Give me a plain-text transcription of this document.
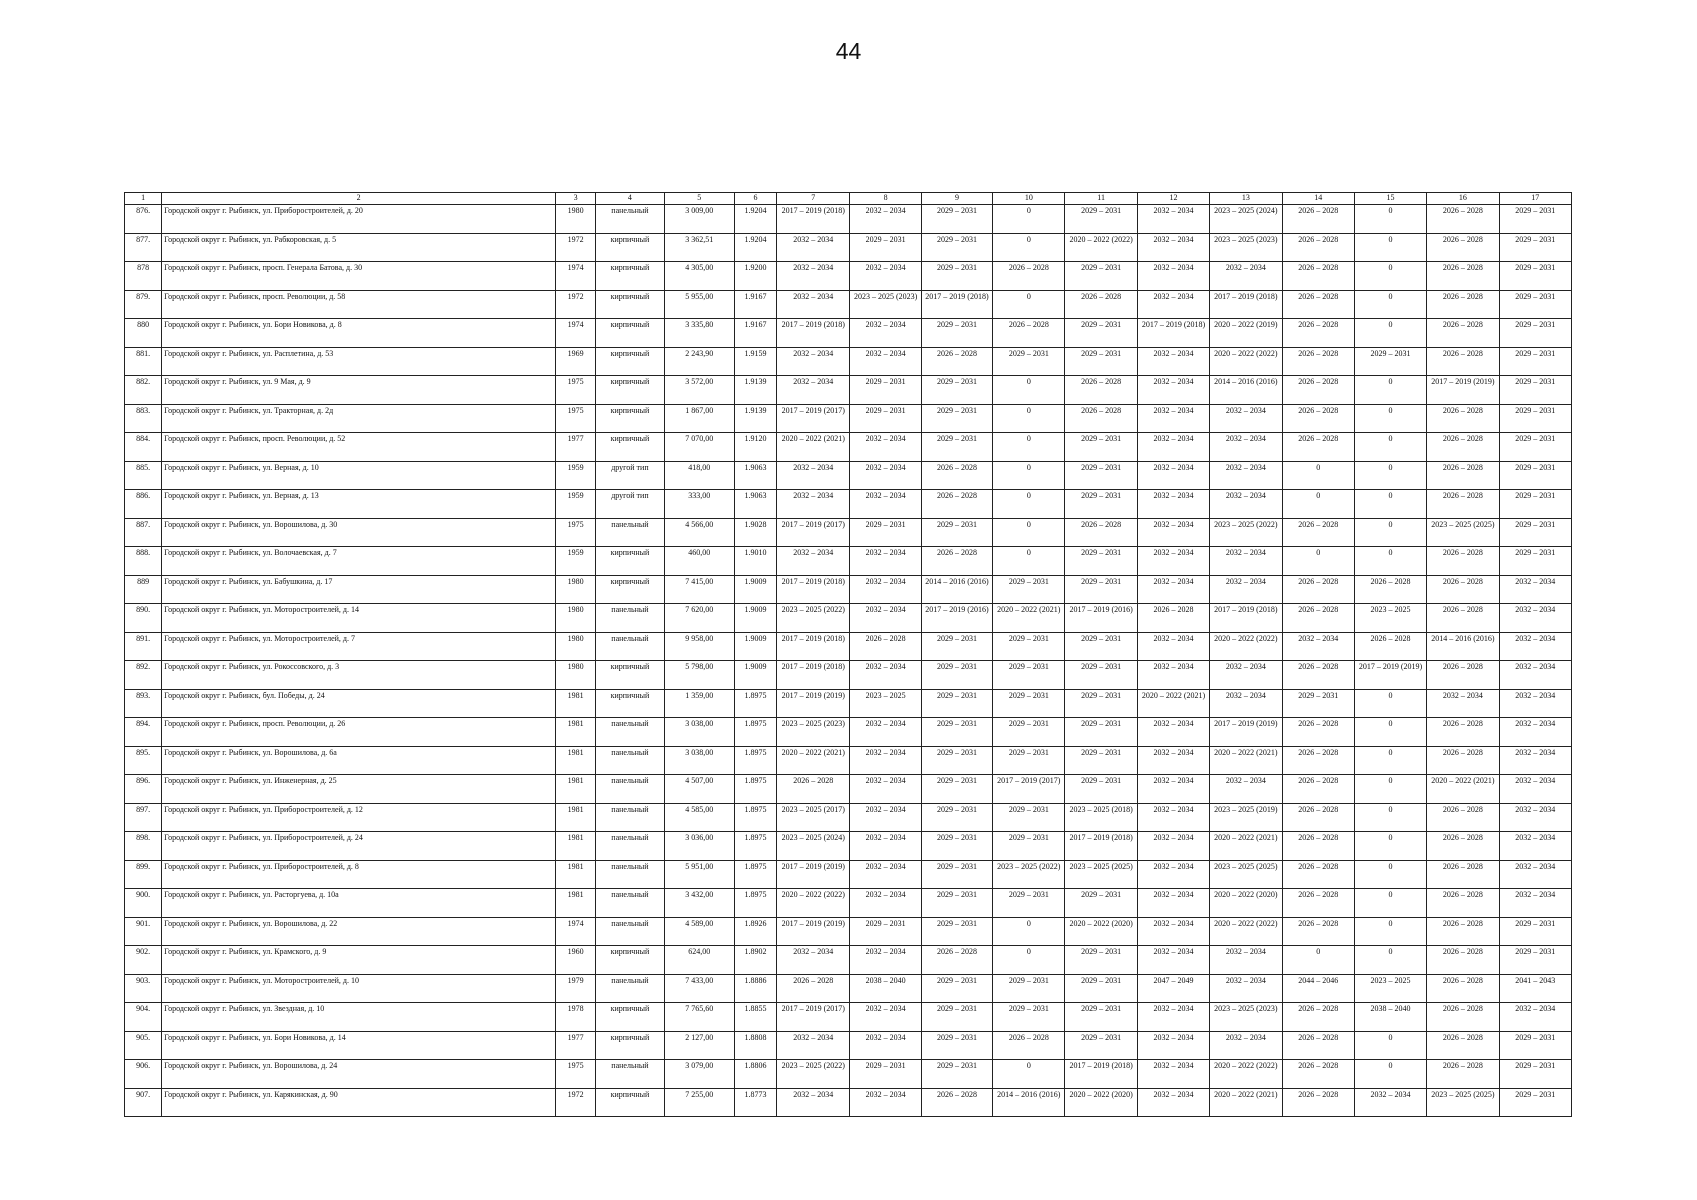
44
1	2	3	4	5	6	7	8	9	10	11	12	13	14	15	16	17
876.	Городской округ г. Рыбинск, ул. Приборостроителей, д. 20	1980	панельный	3 009,00	1.9204	2017 – 2019 (2018)	2032 – 2034	2029 – 2031	0	2029 – 2031	2032 – 2034	2023 – 2025 (2024)	2026 – 2028	0	2026 – 2028	2029 – 2031
877.	Городской округ г. Рыбинск, ул. Рабкоровская, д. 5	1972	кирпичный	3 362,51	1.9204	2032 – 2034	2029 – 2031	2029 – 2031	0	2020 – 2022 (2022)	2032 – 2034	2023 – 2025 (2023)	2026 – 2028	0	2026 – 2028	2029 – 2031
878	Городской округ г. Рыбинск, просп. Генерала Батова, д. 30	1974	кирпичный	4 305,00	1.9200	2032 – 2034	2032 – 2034	2029 – 2031	2026 – 2028	2029 – 2031	2032 – 2034	2032 – 2034	2026 – 2028	0	2026 – 2028	2029 – 2031
879.	Городской округ г. Рыбинск, просп. Революции, д. 58	1972	кирпичный	5 955,00	1.9167	2032 – 2034	2023 – 2025 (2023)	2017 – 2019 (2018)	0	2026 – 2028	2032 – 2034	2017 – 2019 (2018)	2026 – 2028	0	2026 – 2028	2029 – 2031
880	Городской округ г. Рыбинск, ул. Бори Новикова, д. 8	1974	кирпичный	3 335,80	1.9167	2017 – 2019 (2018)	2032 – 2034	2029 – 2031	2026 – 2028	2029 – 2031	2017 – 2019 (2018)	2020 – 2022 (2019)	2026 – 2028	0	2026 – 2028	2029 – 2031
881.	Городской округ г. Рыбинск, ул. Расплетина, д. 53	1969	кирпичный	2 243,90	1.9159	2032 – 2034	2032 – 2034	2026 – 2028	2029 – 2031	2029 – 2031	2032 – 2034	2020 – 2022 (2022)	2026 – 2028	2029 – 2031	2026 – 2028	2029 – 2031
882.	Городской округ г. Рыбинск, ул. 9 Мая, д. 9	1975	кирпичный	3 572,00	1.9139	2032 – 2034	2029 – 2031	2029 – 2031	0	2026 – 2028	2032 – 2034	2014 – 2016 (2016)	2026 – 2028	0	2017 – 2019 (2019)	2029 – 2031
883.	Городской округ г. Рыбинск, ул. Тракторная, д. 2д	1975	кирпичный	1 867,00	1.9139	2017 – 2019 (2017)	2029 – 2031	2029 – 2031	0	2026 – 2028	2032 – 2034	2032 – 2034	2026 – 2028	0	2026 – 2028	2029 – 2031
884.	Городской округ г. Рыбинск, просп. Революции, д. 52	1977	кирпичный	7 070,00	1.9120	2020 – 2022 (2021)	2032 – 2034	2029 – 2031	0	2029 – 2031	2032 – 2034	2032 – 2034	2026 – 2028	0	2026 – 2028	2029 – 2031
885.	Городской округ г. Рыбинск, ул. Верная, д. 10	1959	другой тип	418,00	1.9063	2032 – 2034	2032 – 2034	2026 – 2028	0	2029 – 2031	2032 – 2034	2032 – 2034	0	0	2026 – 2028	2029 – 2031
886.	Городской округ г. Рыбинск, ул. Верная, д. 13	1959	другой тип	333,00	1.9063	2032 – 2034	2032 – 2034	2026 – 2028	0	2029 – 2031	2032 – 2034	2032 – 2034	0	0	2026 – 2028	2029 – 2031
887.	Городской округ г. Рыбинск, ул. Ворошилова, д. 30	1975	панельный	4 566,00	1.9028	2017 – 2019 (2017)	2029 – 2031	2029 – 2031	0	2026 – 2028	2032 – 2034	2023 – 2025 (2022)	2026 – 2028	0	2023 – 2025 (2025)	2029 – 2031
888.	Городской округ г. Рыбинск, ул. Волочаевская, д. 7	1959	кирпичный	460,00	1.9010	2032 – 2034	2032 – 2034	2026 – 2028	0	2029 – 2031	2032 – 2034	2032 – 2034	0	0	2026 – 2028	2029 – 2031
889	Городской округ г. Рыбинск, ул. Бабушкина, д. 17	1980	кирпичный	7 415,00	1.9009	2017 – 2019 (2018)	2032 – 2034	2014 – 2016 (2016)	2029 – 2031	2029 – 2031	2032 – 2034	2032 – 2034	2026 – 2028	2026 – 2028	2026 – 2028	2032 – 2034
890.	Городской округ г. Рыбинск, ул. Моторостроителей, д. 14	1980	панельный	7 620,00	1.9009	2023 – 2025 (2022)	2032 – 2034	2017 – 2019 (2016)	2020 – 2022 (2021)	2017 – 2019 (2016)	2026 – 2028	2017 – 2019 (2018)	2026 – 2028	2023 – 2025	2026 – 2028	2032 – 2034
891.	Городской округ г. Рыбинск, ул. Моторостроителей, д. 7	1980	панельный	9 958,00	1.9009	2017 – 2019 (2018)	2026 – 2028	2029 – 2031	2029 – 2031	2029 – 2031	2032 – 2034	2020 – 2022 (2022)	2032 – 2034	2026 – 2028	2014 – 2016 (2016)	2032 – 2034
892.	Городской округ г. Рыбинск, ул. Рокоссовского, д. 3	1980	кирпичный	5 798,00	1.9009	2017 – 2019 (2018)	2032 – 2034	2029 – 2031	2029 – 2031	2029 – 2031	2032 – 2034	2032 – 2034	2026 – 2028	2017 – 2019 (2019)	2026 – 2028	2032 – 2034
893.	Городской округ г. Рыбинск, бул. Победы, д. 24	1981	кирпичный	1 359,00	1.8975	2017 – 2019 (2019)	2023 – 2025	2029 – 2031	2029 – 2031	2029 – 2031	2020 – 2022 (2021)	2032 – 2034	2029 – 2031	0	2032 – 2034	2032 – 2034
894.	Городской округ г. Рыбинск, просп. Революции, д. 26	1981	панельный	3 038,00	1.8975	2023 – 2025 (2023)	2032 – 2034	2029 – 2031	2029 – 2031	2029 – 2031	2032 – 2034	2017 – 2019 (2019)	2026 – 2028	0	2026 – 2028	2032 – 2034
895.	Городской округ г. Рыбинск, ул. Ворошилова, д. 6а	1981	панельный	3 038,00	1.8975	2020 – 2022 (2021)	2032 – 2034	2029 – 2031	2029 – 2031	2029 – 2031	2032 – 2034	2020 – 2022 (2021)	2026 – 2028	0	2026 – 2028	2032 – 2034
896.	Городской округ г. Рыбинск, ул. Инженерная, д. 25	1981	панельный	4 507,00	1.8975	2026 – 2028	2032 – 2034	2029 – 2031	2017 – 2019 (2017)	2029 – 2031	2032 – 2034	2032 – 2034	2026 – 2028	0	2020 – 2022 (2021)	2032 – 2034
897.	Городской округ г. Рыбинск, ул. Приборостроителей, д. 12	1981	панельный	4 585,00	1.8975	2023 – 2025 (2017)	2032 – 2034	2029 – 2031	2029 – 2031	2023 – 2025 (2018)	2032 – 2034	2023 – 2025 (2019)	2026 – 2028	0	2026 – 2028	2032 – 2034
898.	Городской округ г. Рыбинск, ул. Приборостроителей, д. 24	1981	панельный	3 036,00	1.8975	2023 – 2025 (2024)	2032 – 2034	2029 – 2031	2029 – 2031	2017 – 2019 (2018)	2032 – 2034	2020 – 2022 (2021)	2026 – 2028	0	2026 – 2028	2032 – 2034
899.	Городской округ г. Рыбинск, ул. Приборостроителей, д. 8	1981	панельный	5 951,00	1.8975	2017 – 2019 (2019)	2032 – 2034	2029 – 2031	2023 – 2025 (2022)	2023 – 2025 (2025)	2032 – 2034	2023 – 2025 (2025)	2026 – 2028	0	2026 – 2028	2032 – 2034
900.	Городской округ г. Рыбинск, ул. Расторгуева, д. 10а	1981	панельный	3 432,00	1.8975	2020 – 2022 (2022)	2032 – 2034	2029 – 2031	2029 – 2031	2029 – 2031	2032 – 2034	2020 – 2022 (2020)	2026 – 2028	0	2026 – 2028	2032 – 2034
901.	Городской округ г. Рыбинск, ул. Ворошилова, д. 22	1974	панельный	4 589,00	1.8926	2017 – 2019 (2019)	2029 – 2031	2029 – 2031	0	2020 – 2022 (2020)	2032 – 2034	2020 – 2022 (2022)	2026 – 2028	0	2026 – 2028	2029 – 2031
902.	Городской округ г. Рыбинск, ул. Крамского, д. 9	1960	кирпичный	624,00	1.8902	2032 – 2034	2032 – 2034	2026 – 2028	0	2029 – 2031	2032 – 2034	2032 – 2034	0	0	2026 – 2028	2029 – 2031
903.	Городской округ г. Рыбинск, ул. Моторостроителей, д. 10	1979	панельный	7 433,00	1.8886	2026 – 2028	2038 – 2040	2029 – 2031	2029 – 2031	2029 – 2031	2047 – 2049	2032 – 2034	2044 – 2046	2023 – 2025	2026 – 2028	2041 – 2043
904.	Городской округ г. Рыбинск, ул. Звездная, д. 10	1978	кирпичный	7 765,60	1.8855	2017 – 2019 (2017)	2032 – 2034	2029 – 2031	2029 – 2031	2029 – 2031	2032 – 2034	2023 – 2025 (2023)	2026 – 2028	2038 – 2040	2026 – 2028	2032 – 2034
905.	Городской округ г. Рыбинск, ул. Бори Новикова, д. 14	1977	кирпичный	2 127,00	1.8808	2032 – 2034	2032 – 2034	2029 – 2031	2026 – 2028	2029 – 2031	2032 – 2034	2032 – 2034	2026 – 2028	0	2026 – 2028	2029 – 2031
906.	Городской округ г. Рыбинск, ул. Ворошилова, д. 24	1975	панельный	3 079,00	1.8806	2023 – 2025 (2022)	2029 – 2031	2029 – 2031	0	2017 – 2019 (2018)	2032 – 2034	2020 – 2022 (2022)	2026 – 2028	0	2026 – 2028	2029 – 2031
907.	Городской округ г. Рыбинск, ул. Карякинская, д. 90	1972	кирпичный	7 255,00	1.8773	2032 – 2034	2032 – 2034	2026 – 2028	2014 – 2016 (2016)	2020 – 2022 (2020)	2032 – 2034	2020 – 2022 (2021)	2026 – 2028	2032 – 2034	2023 – 2025 (2025)	2029 – 2031
